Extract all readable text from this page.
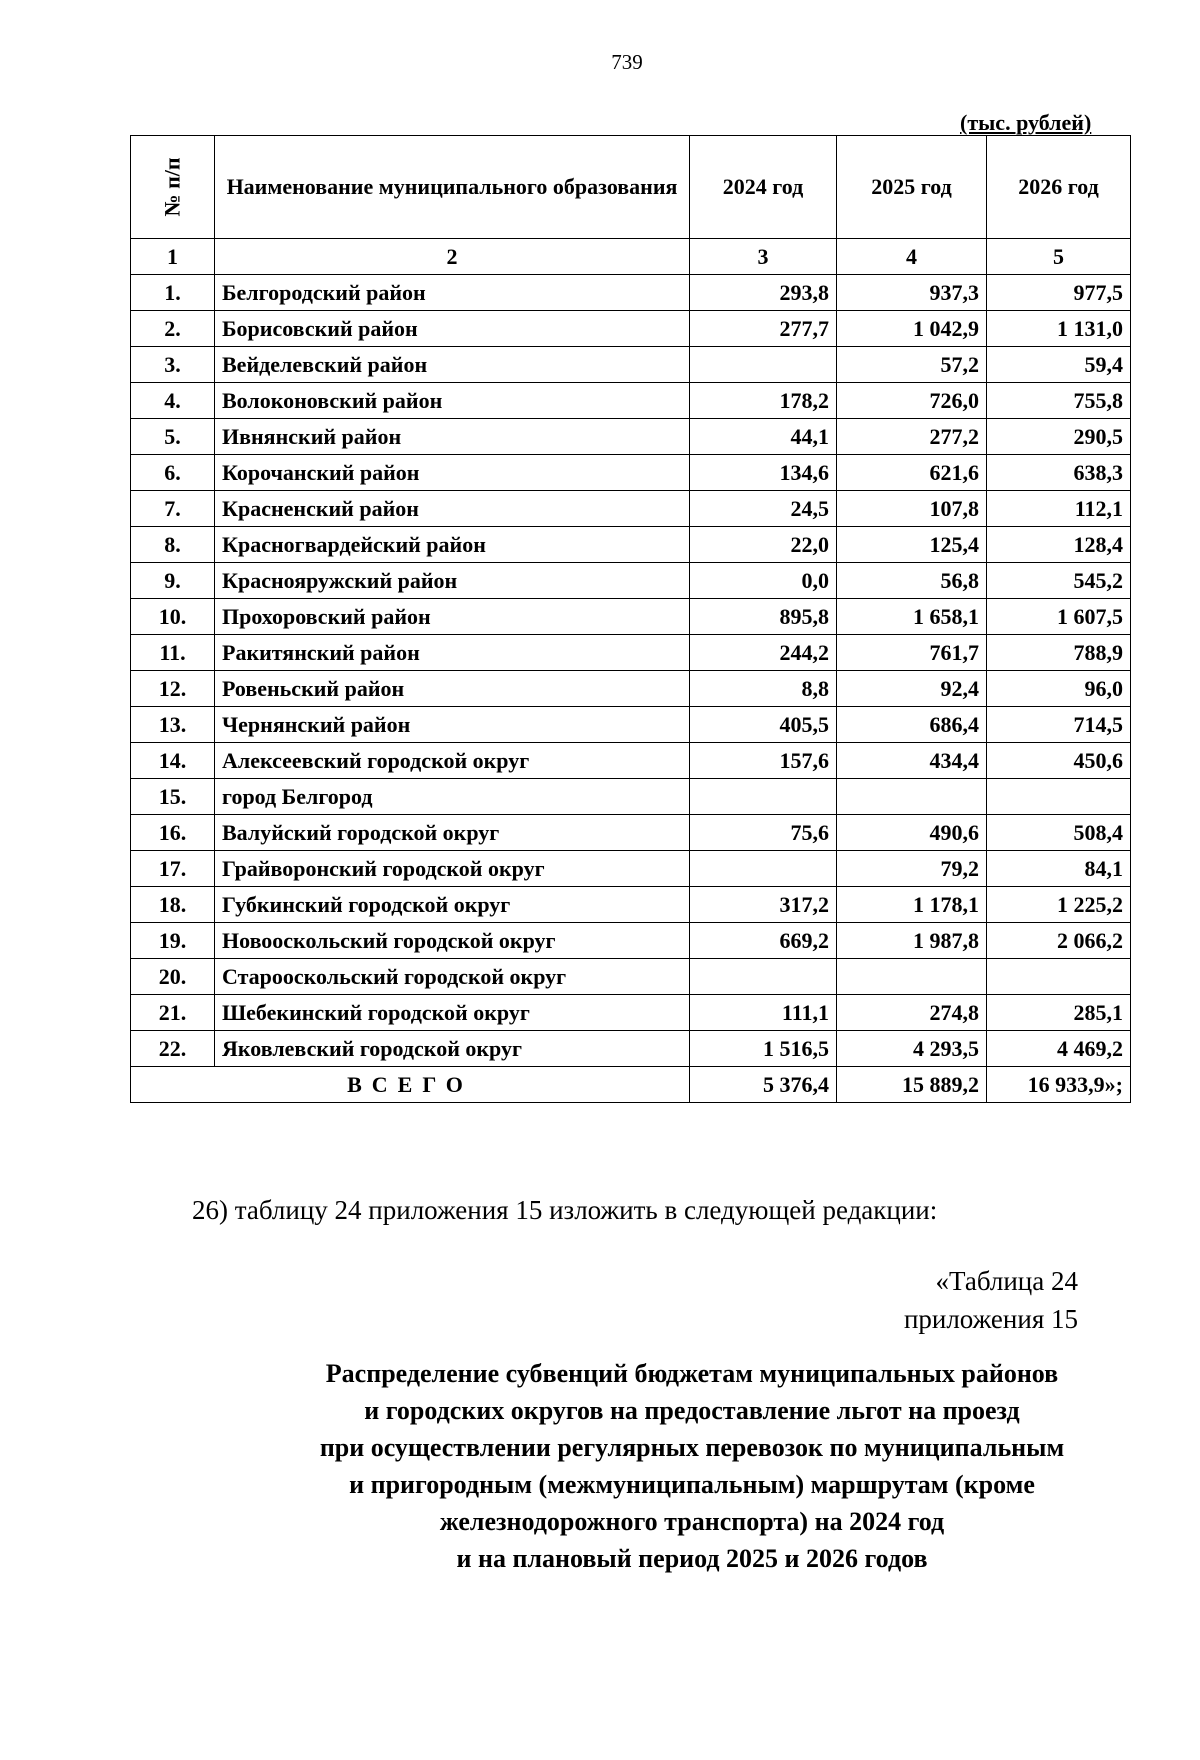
739
(тыс. рублей)
№ п/п	Наименование муниципального образования	2024 год	2025 год	2026 год
1	2	3	4	5
1.	Белгородский район	293,8	937,3	977,5
2.	Борисовский район	277,7	1 042,9	1 131,0
3.	Вейделевский район		57,2	59,4
4.	Волоконовский район	178,2	726,0	755,8
5.	Ивнянский район	44,1	277,2	290,5
6.	Корочанский район	134,6	621,6	638,3
7.	Красненский район	24,5	107,8	112,1
8.	Красногвардейский район	22,0	125,4	128,4
9.	Краснояружский район	0,0	56,8	545,2
10.	Прохоровский район	895,8	1 658,1	1 607,5
11.	Ракитянский район	244,2	761,7	788,9
12.	Ровеньский район	8,8	92,4	96,0
13.	Чернянский район	405,5	686,4	714,5
14.	Алексеевский городской округ	157,6	434,4	450,6
15.	город Белгород			
16.	Валуйский городской округ	75,6	490,6	508,4
17.	Грайворонский городской округ		79,2	84,1
18.	Губкинский городской округ	317,2	1 178,1	1 225,2
19.	Новооскольский городской округ	669,2	1 987,8	2 066,2
20.	Старооскольский городской округ			
21.	Шебекинский городской округ	111,1	274,8	285,1
22.	Яковлевский городской округ	1 516,5	4 293,5	4 469,2
ВСЕГО		5 376,4	15 889,2	16 933,9»;
26) таблицу 24 приложения 15 изложить в следующей редакции:
«Таблица 24
приложения 15
Распределение субвенций бюджетам муниципальных районов
и городских округов на предоставление льгот на проезд
при осуществлении регулярных перевозок по муниципальным
и пригородным (межмуниципальным) маршрутам (кроме
железнодорожного транспорта) на 2024 год
и на плановый период 2025 и 2026 годов
